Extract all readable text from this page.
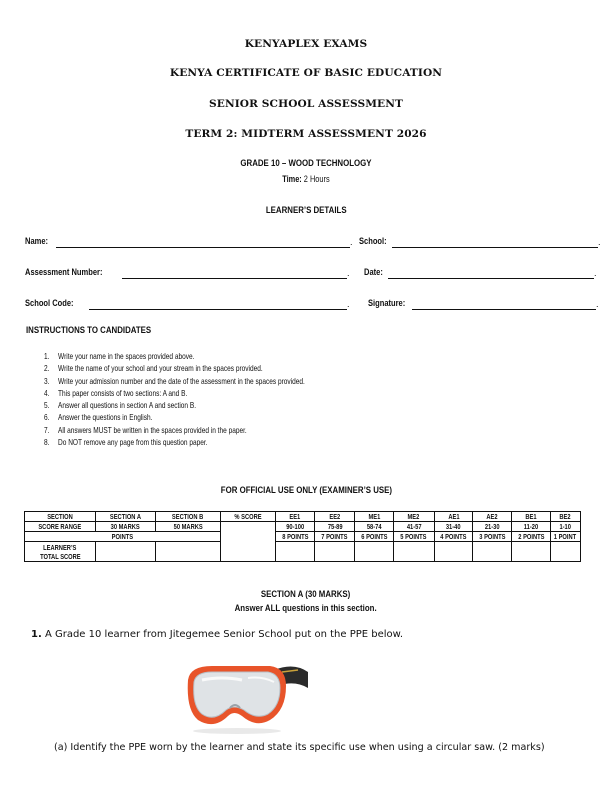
KENYAPLEX EXAMS
KENYA CERTIFICATE OF BASIC EDUCATION
SENIOR SCHOOL ASSESSMENT
TERM 2: MIDTERM ASSESSMENT 2026
GRADE 10 – WOOD TECHNOLOGY
Time: 2 Hours
LEARNER’S DETAILS
Name:	. School:	.
Assessment Number:	. Date:	.
School Code:	. Signature:	.
INSTRUCTIONS TO CANDIDATES
1. Write your name in the spaces provided above.
2. Write the name of your school and your stream in the spaces provided.
3. Write your admission number and the date of the assessment in the spaces provided.
4. This paper consists of two sections: A and B.
5. Answer all questions in section A and section B.
6. Answer the questions in English.
7. All answers MUST be written in the spaces provided in the paper.
8. Do NOT remove any page from this question paper.
FOR OFFICIAL USE ONLY (EXAMINER’S USE)
SECTION	SECTION A	SECTION B	% SCORE	EE1	EE2	ME1	ME2	AE1	AE2	BE1	BE2
SCORE RANGE	30 MARKS	50 MARKS		90-100	75-89	58-74	41-57	31-40	21-30	11-20	1-10
POINTS				8 POINTS	7 POINTS	6 POINTS	5 POINTS	4 POINTS	3 POINTS	2 POINTS	1 POINT
LEARNER’S
TOTAL SCORE											
SECTION A (30 MARKS)
Answer ALL questions in this section.
1. A Grade 10 learner from Jitegemee Senior School put on the PPE below.
(a) Identify the PPE worn by the learner and state its specific use when using a circular saw. (2 marks)
